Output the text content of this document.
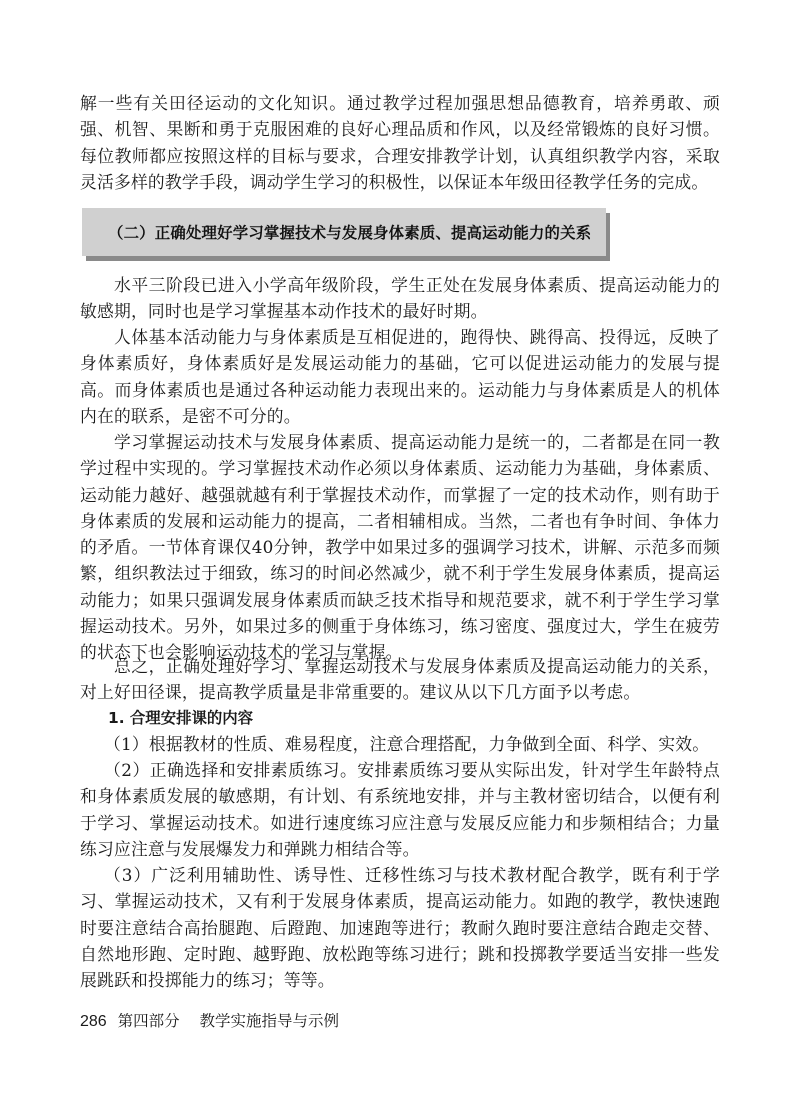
解一些有关田径运动的文化知识。通过教学过程加强思想品德教育，培养勇敢、顽强、机智、果断和勇于克服困难的良好心理品质和作风，以及经常锻炼的良好习惯。每位教师都应按照这样的目标与要求，合理安排教学计划，认真组织教学内容，采取灵活多样的教学手段，调动学生学习的积极性，以保证本年级田径教学任务的完成。

（二）正确处理好学习掌握技术与发展身体素质、提高运动能力的关系

水平三阶段已进入小学高年级阶段，学生正处在发展身体素质、提高运动能力的敏感期，同时也是学习掌握基本动作技术的最好时期。

人体基本活动能力与身体素质是互相促进的，跑得快、跳得高、投得远，反映了身体素质好，身体素质好是发展运动能力的基础，它可以促进运动能力的发展与提高。而身体素质也是通过各种运动能力表现出来的。运动能力与身体素质是人的机体内在的联系，是密不可分的。

学习掌握运动技术与发展身体素质、提高运动能力是统一的，二者都是在同一教学过程中实现的。学习掌握技术动作必须以身体素质、运动能力为基础，身体素质、运动能力越好、越强就越有利于掌握技术动作，而掌握了一定的技术动作，则有助于身体素质的发展和运动能力的提高，二者相辅相成。当然，二者也有争时间、争体力的矛盾。一节体育课仅40分钟，教学中如果过多的强调学习技术，讲解、示范多而频繁，组织教法过于细致，练习的时间必然减少，就不利于学生发展身体素质，提高运动能力；如果只强调发展身体素质而缺乏技术指导和规范要求，就不利于学生学习掌握运动技术。另外，如果过多的侧重于身体练习，练习密度、强度过大，学生在疲劳的状态下也会影响运动技术的学习与掌握。

总之，正确处理好学习、掌握运动技术与发展身体素质及提高运动能力的关系，对上好田径课，提高教学质量是非常重要的。建议从以下几方面予以考虑。

1. 合理安排课的内容

（1）根据教材的性质、难易程度，注意合理搭配，力争做到全面、科学、实效。

（2）正确选择和安排素质练习。安排素质练习要从实际出发，针对学生年龄特点和身体素质发展的敏感期，有计划、有系统地安排，并与主教材密切结合，以便有利于学习、掌握运动技术。如进行速度练习应注意与发展反应能力和步频相结合；力量练习应注意与发展爆发力和弹跳力相结合等。

（3）广泛利用辅助性、诱导性、迁移性练习与技术教材配合教学，既有利于学习、掌握运动技术，又有利于发展身体素质，提高运动能力。如跑的教学，教快速跑时要注意结合高抬腿跑、后蹬跑、加速跑等进行；教耐久跑时要注意结合跑走交替、自然地形跑、定时跑、越野跑、放松跑等练习进行；跳和投掷教学要适当安排一些发展跳跃和投掷能力的练习；等等。

286 第四部分 教学实施指导与示例
